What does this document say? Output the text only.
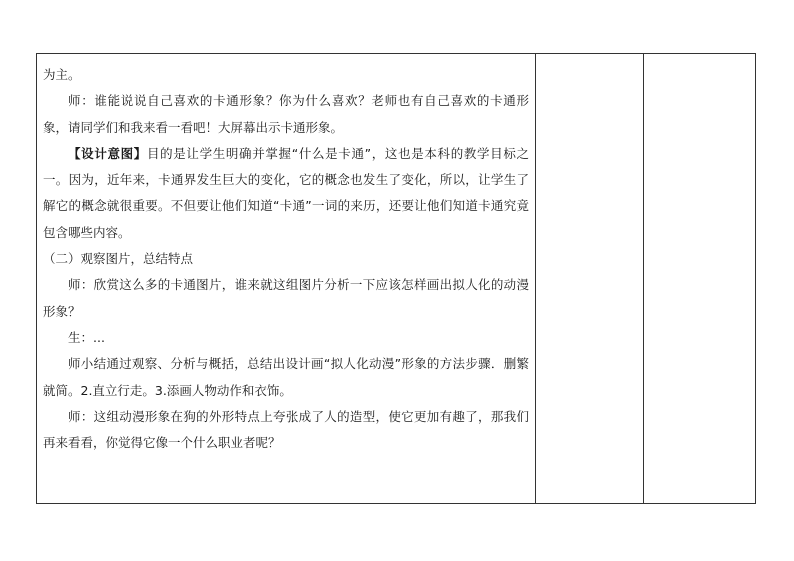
为主。

师：谁能说说自己喜欢的卡通形象？你为什么喜欢？老师也有自己喜欢的卡通形象，请同学们和我来看一看吧！大屏幕出示卡通形象。

【设计意图】目的是让学生明确并掌握“什么是卡通”，这也是本科的教学目标之一。因为，近年来，卡通界发生巨大的变化，它的概念也发生了变化，所以，让学生了解它的概念就很重要。不但要让他们知道“卡通”一词的来历，还要让他们知道卡通究竟包含哪些内容。

（二）观察图片，总结特点

师：欣赏这么多的卡通图片，谁来就这组图片分析一下应该怎样画出拟人化的动漫形象？

生：...

师小结通过观察、分析与概括，总结出设计画“拟人化动漫”形象的方法步骤．删繁就简。2.直立行走。3.添画人物动作和衣饰。

师：这组动漫形象在狗的外形特点上夸张成了人的造型，使它更加有趣了，那我们再来看看，你觉得它像一个什么职业者呢？
